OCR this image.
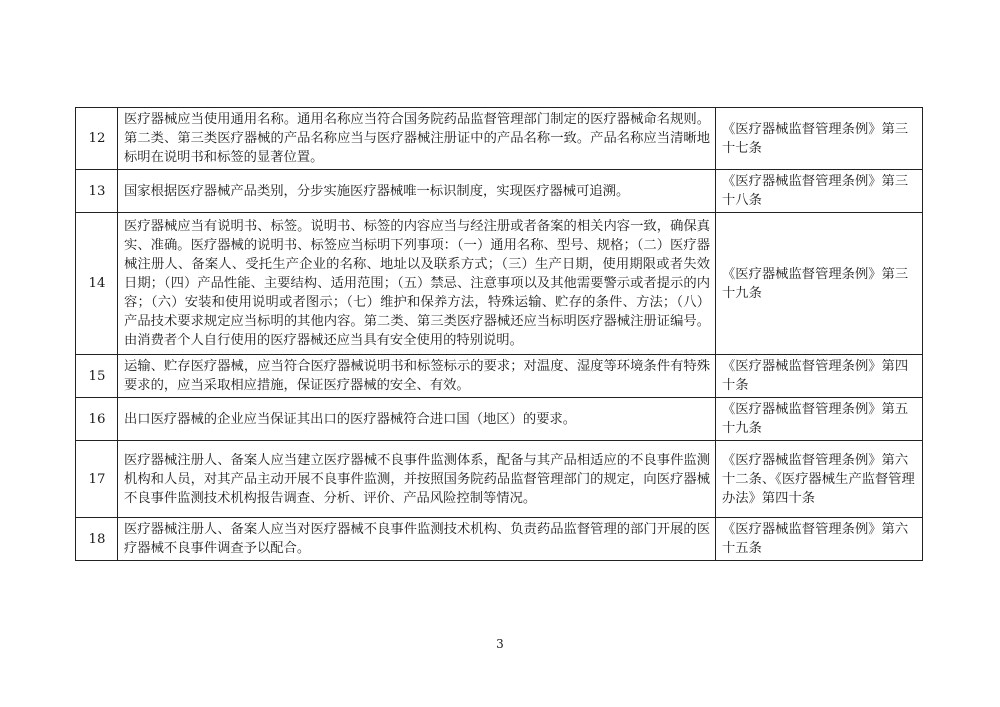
12	医疗器械应当使用通用名称。通用名称应当符合国务院药品监督管理部门制定的医疗器械命名规则。第二类、第三类医疗器械的产品名称应当与医疗器械注册证中的产品名称一致。产品名称应当清晰地标明在说明书和标签的显著位置。	《医疗器械监督管理条例》第三十七条
13	国家根据医疗器械产品类别，分步实施医疗器械唯一标识制度，实现医疗器械可追溯。	《医疗器械监督管理条例》第三十八条
14	医疗器械应当有说明书、标签。说明书、标签的内容应当与经注册或者备案的相关内容一致，确保真实、准确。医疗器械的说明书、标签应当标明下列事项：（一）通用名称、型号、规格；（二）医疗器械注册人、备案人、受托生产企业的名称、地址以及联系方式；（三）生产日期，使用期限或者失效日期；（四）产品性能、主要结构、适用范围；（五）禁忌、注意事项以及其他需要警示或者提示的内容；（六）安装和使用说明或者图示；（七）维护和保养方法，特殊运输、贮存的条件、方法；（八）产品技术要求规定应当标明的其他内容。第二类、第三类医疗器械还应当标明医疗器械注册证编号。由消费者个人自行使用的医疗器械还应当具有安全使用的特别说明。	《医疗器械监督管理条例》第三十九条
15	运输、贮存医疗器械，应当符合医疗器械说明书和标签标示的要求；对温度、湿度等环境条件有特殊要求的，应当采取相应措施，保证医疗器械的安全、有效。	《医疗器械监督管理条例》第四十条
16	出口医疗器械的企业应当保证其出口的医疗器械符合进口国（地区）的要求。	《医疗器械监督管理条例》第五十九条
17	医疗器械注册人、备案人应当建立医疗器械不良事件监测体系，配备与其产品相适应的不良事件监测机构和人员，对其产品主动开展不良事件监测，并按照国务院药品监督管理部门的规定，向医疗器械不良事件监测技术机构报告调查、分析、评价、产品风险控制等情况。	《医疗器械监督管理条例》第六十二条、《医疗器械生产监督管理办法》第四十条
18	医疗器械注册人、备案人应当对医疗器械不良事件监测技术机构、负责药品监督管理的部门开展的医疗器械不良事件调查予以配合。	《医疗器械监督管理条例》第六十五条
3
